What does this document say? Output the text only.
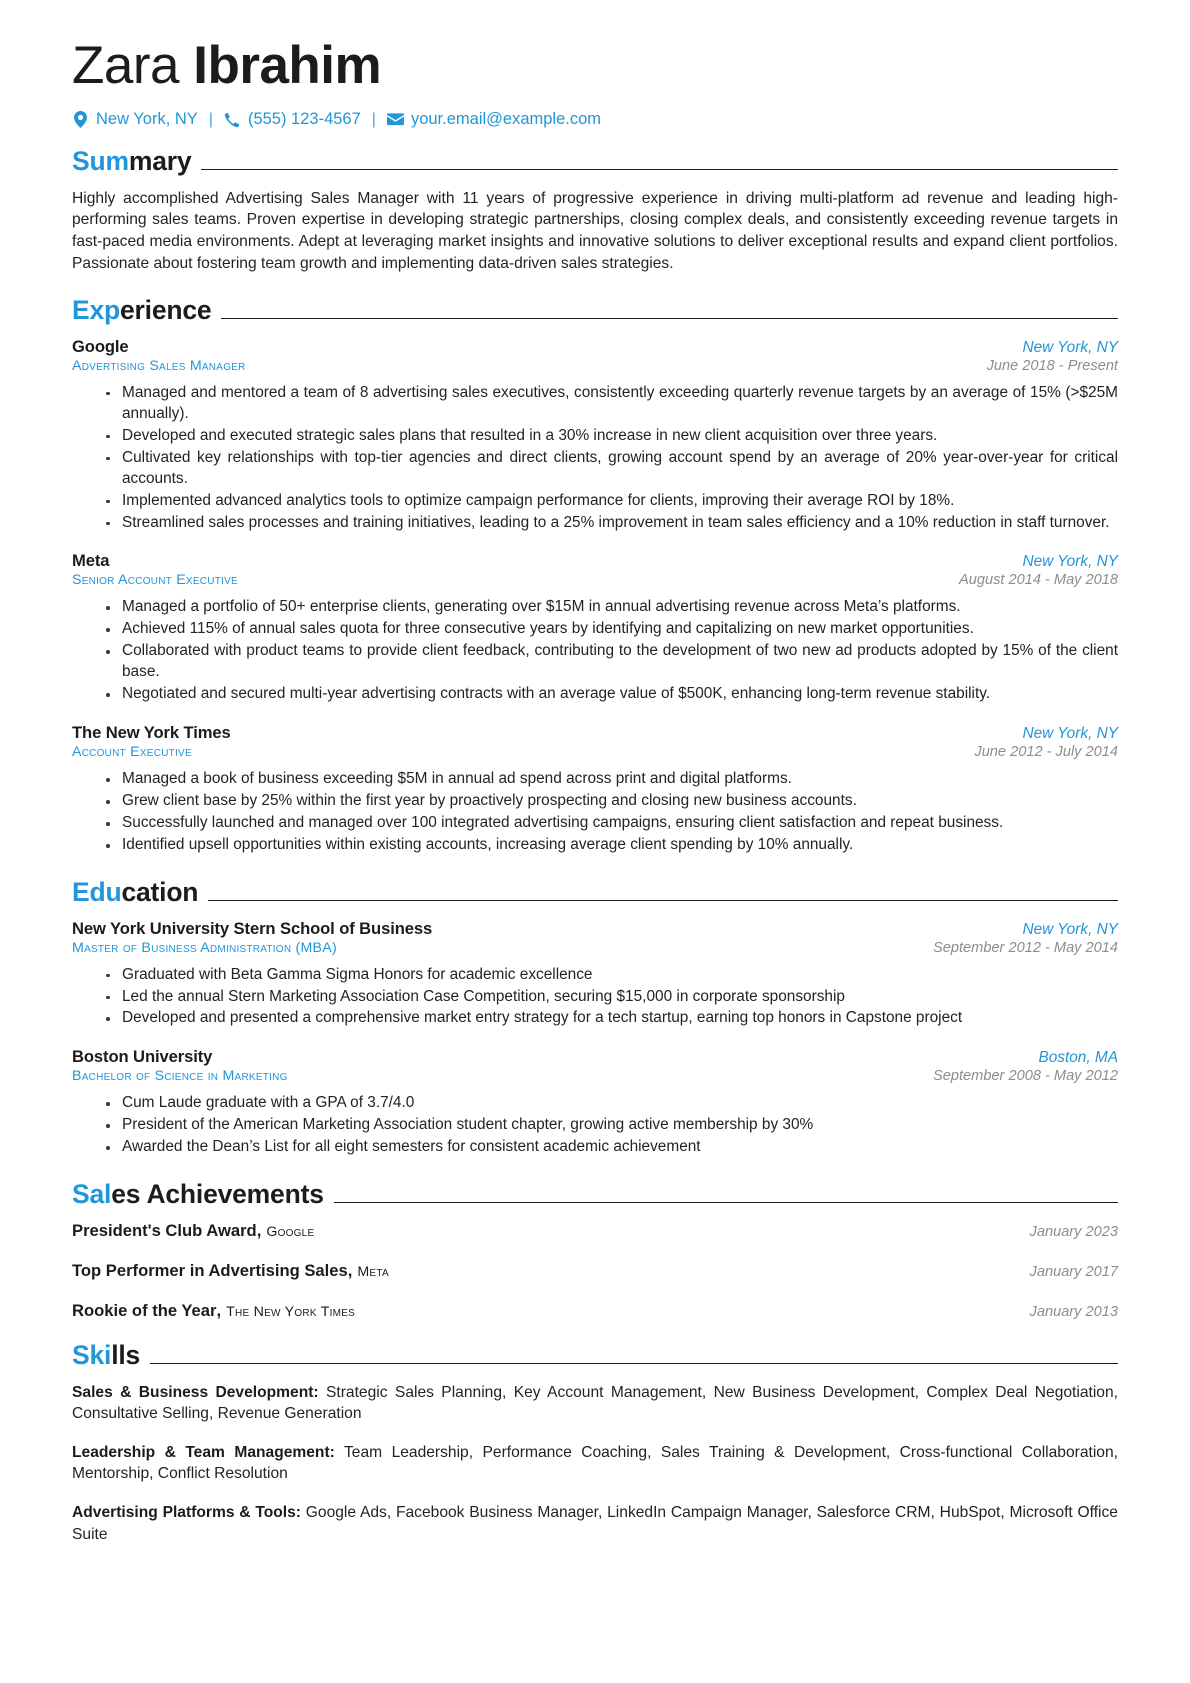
Zara Ibrahim
New York, NY | (555) 123-4567 | your.email@example.com
Summary
Highly accomplished Advertising Sales Manager with 11 years of progressive experience in driving multi-platform ad revenue and leading high-performing sales teams. Proven expertise in developing strategic partnerships, closing complex deals, and consistently exceeding revenue targets in fast-paced media environments. Adept at leveraging market insights and innovative solutions to deliver exceptional results and expand client portfolios. Passionate about fostering team growth and implementing data-driven sales strategies.
Experience
Google	New York, NY
Advertising Sales Manager	June 2018 - Present
Managed and mentored a team of 8 advertising sales executives, consistently exceeding quarterly revenue targets by an average of 15% (>$25M annually).
Developed and executed strategic sales plans that resulted in a 30% increase in new client acquisition over three years.
Cultivated key relationships with top-tier agencies and direct clients, growing account spend by an average of 20% year-over-year for critical accounts.
Implemented advanced analytics tools to optimize campaign performance for clients, improving their average ROI by 18%.
Streamlined sales processes and training initiatives, leading to a 25% improvement in team sales efficiency and a 10% reduction in staff turnover.
Meta	New York, NY
Senior Account Executive	August 2014 - May 2018
Managed a portfolio of 50+ enterprise clients, generating over $15M in annual advertising revenue across Meta’s platforms.
Achieved 115% of annual sales quota for three consecutive years by identifying and capitalizing on new market opportunities.
Collaborated with product teams to provide client feedback, contributing to the development of two new ad products adopted by 15% of the client base.
Negotiated and secured multi-year advertising contracts with an average value of $500K, enhancing long-term revenue stability.
The New York Times	New York, NY
Account Executive	June 2012 - July 2014
Managed a book of business exceeding $5M in annual ad spend across print and digital platforms.
Grew client base by 25% within the first year by proactively prospecting and closing new business accounts.
Successfully launched and managed over 100 integrated advertising campaigns, ensuring client satisfaction and repeat business.
Identified upsell opportunities within existing accounts, increasing average client spending by 10% annually.
Education
New York University Stern School of Business	New York, NY
Master of Business Administration (MBA)	September 2012 - May 2014
Graduated with Beta Gamma Sigma Honors for academic excellence
Led the annual Stern Marketing Association Case Competition, securing $15,000 in corporate sponsorship
Developed and presented a comprehensive market entry strategy for a tech startup, earning top honors in Capstone project
Boston University	Boston, MA
Bachelor of Science in Marketing	September 2008 - May 2012
Cum Laude graduate with a GPA of 3.7/4.0
President of the American Marketing Association student chapter, growing active membership by 30%
Awarded the Dean’s List for all eight semesters for consistent academic achievement
Sales Achievements
President's Club Award , Google	January 2023
Top Performer in Advertising Sales , Meta	January 2017
Rookie of the Year , The New York Times	January 2013
Skills
Sales & Business Development: Strategic Sales Planning, Key Account Management, New Business Development, Complex Deal Negotiation, Consultative Selling, Revenue Generation
Leadership & Team Management: Team Leadership, Performance Coaching, Sales Training & Development, Cross-functional Collaboration, Mentorship, Conflict Resolution
Advertising Platforms & Tools: Google Ads, Facebook Business Manager, LinkedIn Campaign Manager, Salesforce CRM, HubSpot, Microsoft Office Suite
